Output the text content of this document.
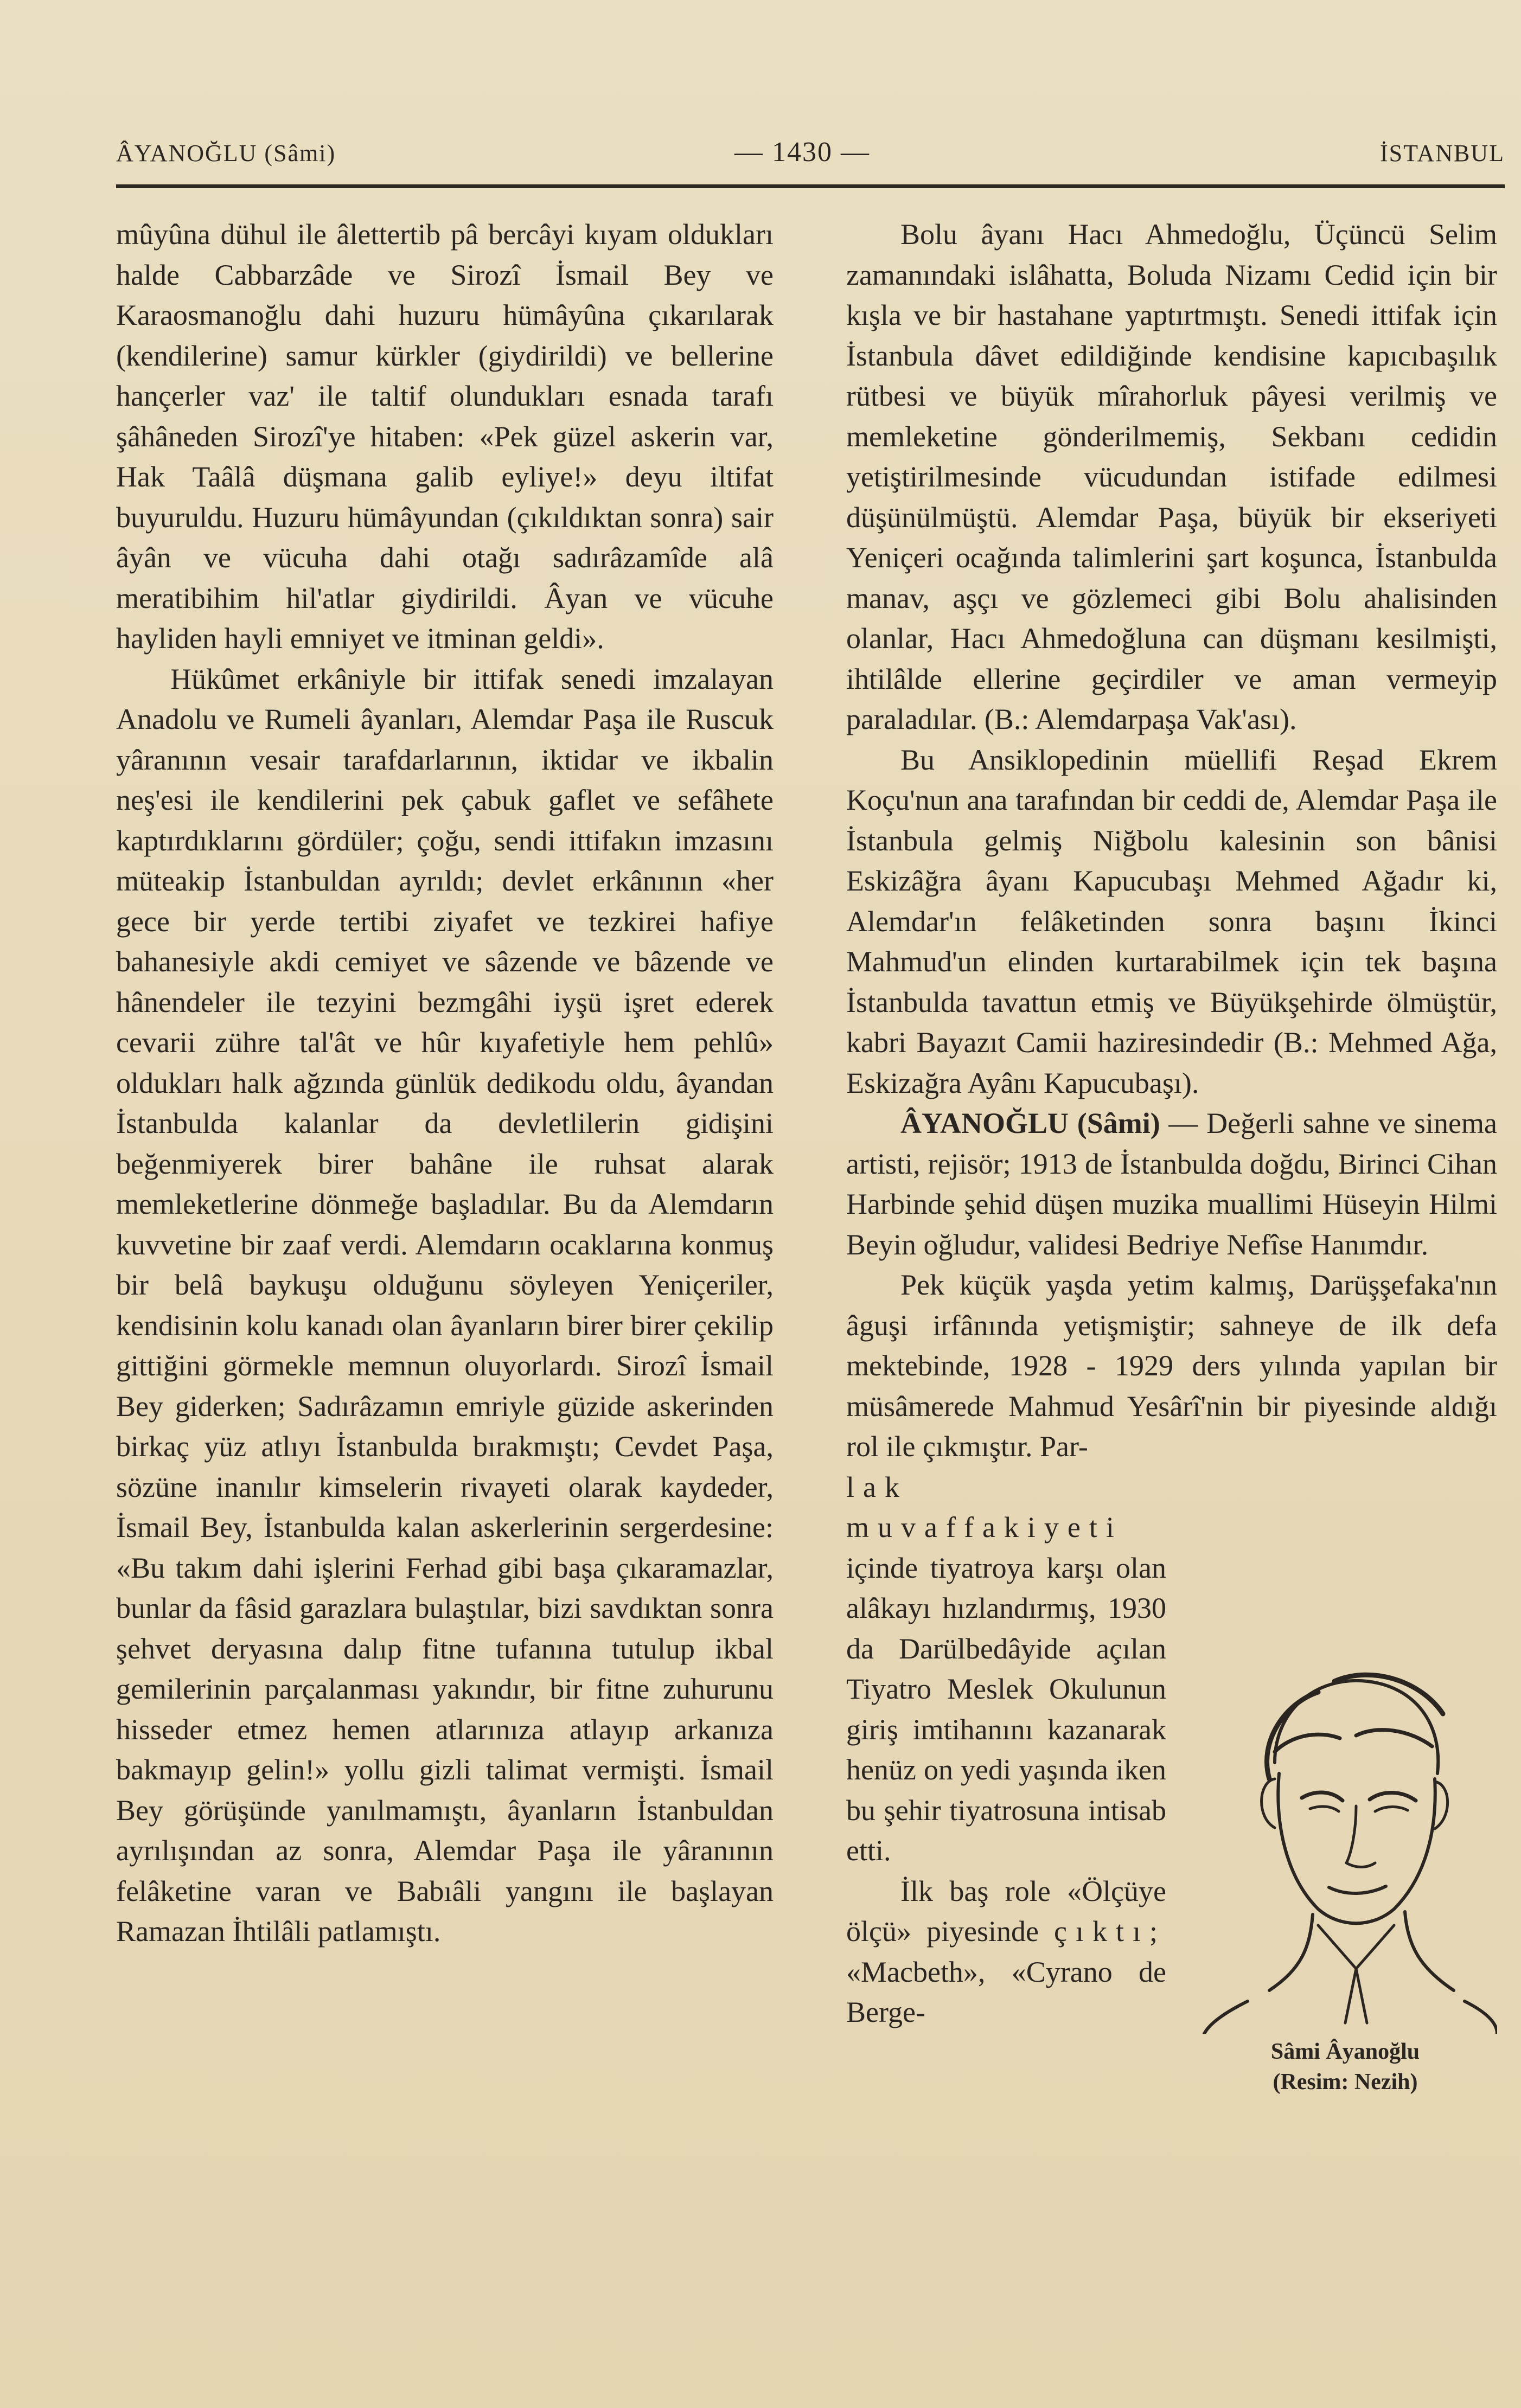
ÂYANOĞLU (Sâmi)	— 1430 —	İSTANBUL

mûyûna dühul ile âlettertib pâ bercâyi kıyam oldukları halde Cabbarzâde ve Sirozî İsmail Bey ve Karaosmanoğlu dahi huzuru hümâyûna çıkarılarak (kendilerine) samur kürkler (giydirildi) ve bellerine hançerler vaz' ile taltif olundukları esnada tarafı şâhâneden Sirozî'ye hitaben: «Pek güzel askerin var, Hak Taâlâ düşmana galib eyliye!» deyu iltifat buyuruldu. Huzuru hümâyundan (çıkıldıktan sonra) sair âyân ve vücuha dahi otağı sadırâzamîde alâ meratibihim hil'atlar giydirildi. Âyan ve vücuhe hayliden hayli emniyet ve itminan geldi».

Hükûmet erkâniyle bir ittifak senedi imzalayan Anadolu ve Rumeli âyanları, Alemdar Paşa ile Ruscuk yâranının vesair tarafdarlarının, iktidar ve ikbalin neş'esi ile kendilerini pek çabuk gaflet ve sefâhete kaptırdıklarını gördüler; çoğu, sendi ittifakın imzasını müteakip İstanbuldan ayrıldı; devlet erkânının «her gece bir yerde tertibi ziyafet ve tezkirei hafiye bahanesiyle akdi cemiyet ve sâzende ve bâzende ve hânendeler ile tezyini bezmgâhi iyşü işret ederek cevarii zühre tal'ât ve hûr kıyafetiyle hem pehlû» oldukları halk ağzında günlük dedikodu oldu, âyandan İstanbulda kalanlar da devletlilerin gidişini beğenmiyerek birer bahâne ile ruhsat alarak memleketlerine dönmeğe başladılar. Bu da Alemdarın kuvvetine bir zaaf verdi. Alemdarın ocaklarına konmuş bir belâ baykuşu olduğunu söyleyen Yeniçeriler, kendisinin kolu kanadı olan âyanların birer birer çekilip gittiğini görmekle memnun oluyorlardı. Sirozî İsmail Bey giderken; Sadırâzamın emriyle güzide askerinden birkaç yüz atlıyı İstanbulda bırakmıştı; Cevdet Paşa, sözüne inanılır kimselerin rivayeti olarak kaydeder, İsmail Bey, İstanbulda kalan askerlerinin sergerdesine: «Bu takım dahi işlerini Ferhad gibi başa çıkaramazlar, bunlar da fâsid garazlara bulaştılar, bizi savdıktan sonra şehvet deryasına dalıp fitne tufanına tutulup ikbal gemilerinin parçalanması yakındır, bir fitne zuhurunu hisseder etmez hemen atlarınıza atlayıp arkanıza bakmayıp gelin!» yollu gizli talimat vermişti. İsmail Bey görüşünde yanılmamıştı, âyanların İstanbuldan ayrılışından az sonra, Alemdar Paşa ile yâranının felâketine varan ve Babıâli yangını ile başlayan Ramazan İhtilâli patlamıştı.

Bolu âyanı Hacı Ahmedoğlu, Üçüncü Selim zamanındaki islâhatta, Boluda Nizamı Cedid için bir kışla ve bir hastahane yaptırtmıştı. Senedi ittifak için İstanbula dâvet edildiğinde kendisine kapıcıbaşılık rütbesi ve büyük mîrahorluk pâyesi verilmiş ve memleketine gönderilmemiş, Sekbanı cedidin yetiştirilmesinde vücudundan istifade edilmesi düşünülmüştü. Alemdar Paşa, büyük bir ekseriyeti Yeniçeri ocağında talimlerini şart koşunca, İstanbulda manav, aşçı ve gözlemeci gibi Bolu ahalisinden olanlar, Hacı Ahmedoğluna can düşmanı kesilmişti, ihtilâlde ellerine geçirdiler ve aman vermeyip paraladılar. (B.: Alemdarpaşa Vak'ası).

Bu Ansiklopedinin müellifi Reşad Ekrem Koçu'nun ana tarafından bir ceddi de, Alemdar Paşa ile İstanbula gelmiş Niğbolu kalesinin son bânisi Eskizâğra âyanı Kapucubaşı Mehmed Ağadır ki, Alemdar'ın felâketinden sonra başını İkinci Mahmud'un elinden kurtarabilmek için tek başına İstanbulda tavattun etmiş ve Büyükşehirde ölmüştür, kabri Bayazıt Camii haziresindedir (B.: Mehmed Ağa, Eskizağra Ayânı Kapucubaşı).

ÂYANOĞLU (Sâmi) — Değerli sahne ve sinema artisti, rejisör; 1913 de İstanbulda doğdu, Birinci Cihan Harbinde şehid düşen muzika muallimi Hüseyin Hilmi Beyin oğludur, validesi Bedriye Nefîse Hanımdır.

Pek küçük yaşda yetim kalmış, Darüşşefaka'nın âguşi irfânında yetişmiştir; sahneye de ilk defa mektebinde, 1928 - 1929 ders yılında yapılan bir müsâmerede Mahmud Yesârî'nin bir piyesinde aldığı rol ile çıkmıştır. Par-

lak muvaffakiyeti içinde tiyatroya karşı olan alâkayı hızlandırmış, 1930 da Darülbedâyide açılan Tiyatro Meslek Okulunun giriş imtihanını kazanarak henüz on yedi yaşında iken bu şehir tiyatrosuna intisab etti.

İlk baş role «Ölçüye ölçü» piyesinde çıktı; «Macbeth», «Cyrano de Berge-

Sâmi Âyanoğlu
(Resim: Nezih)
